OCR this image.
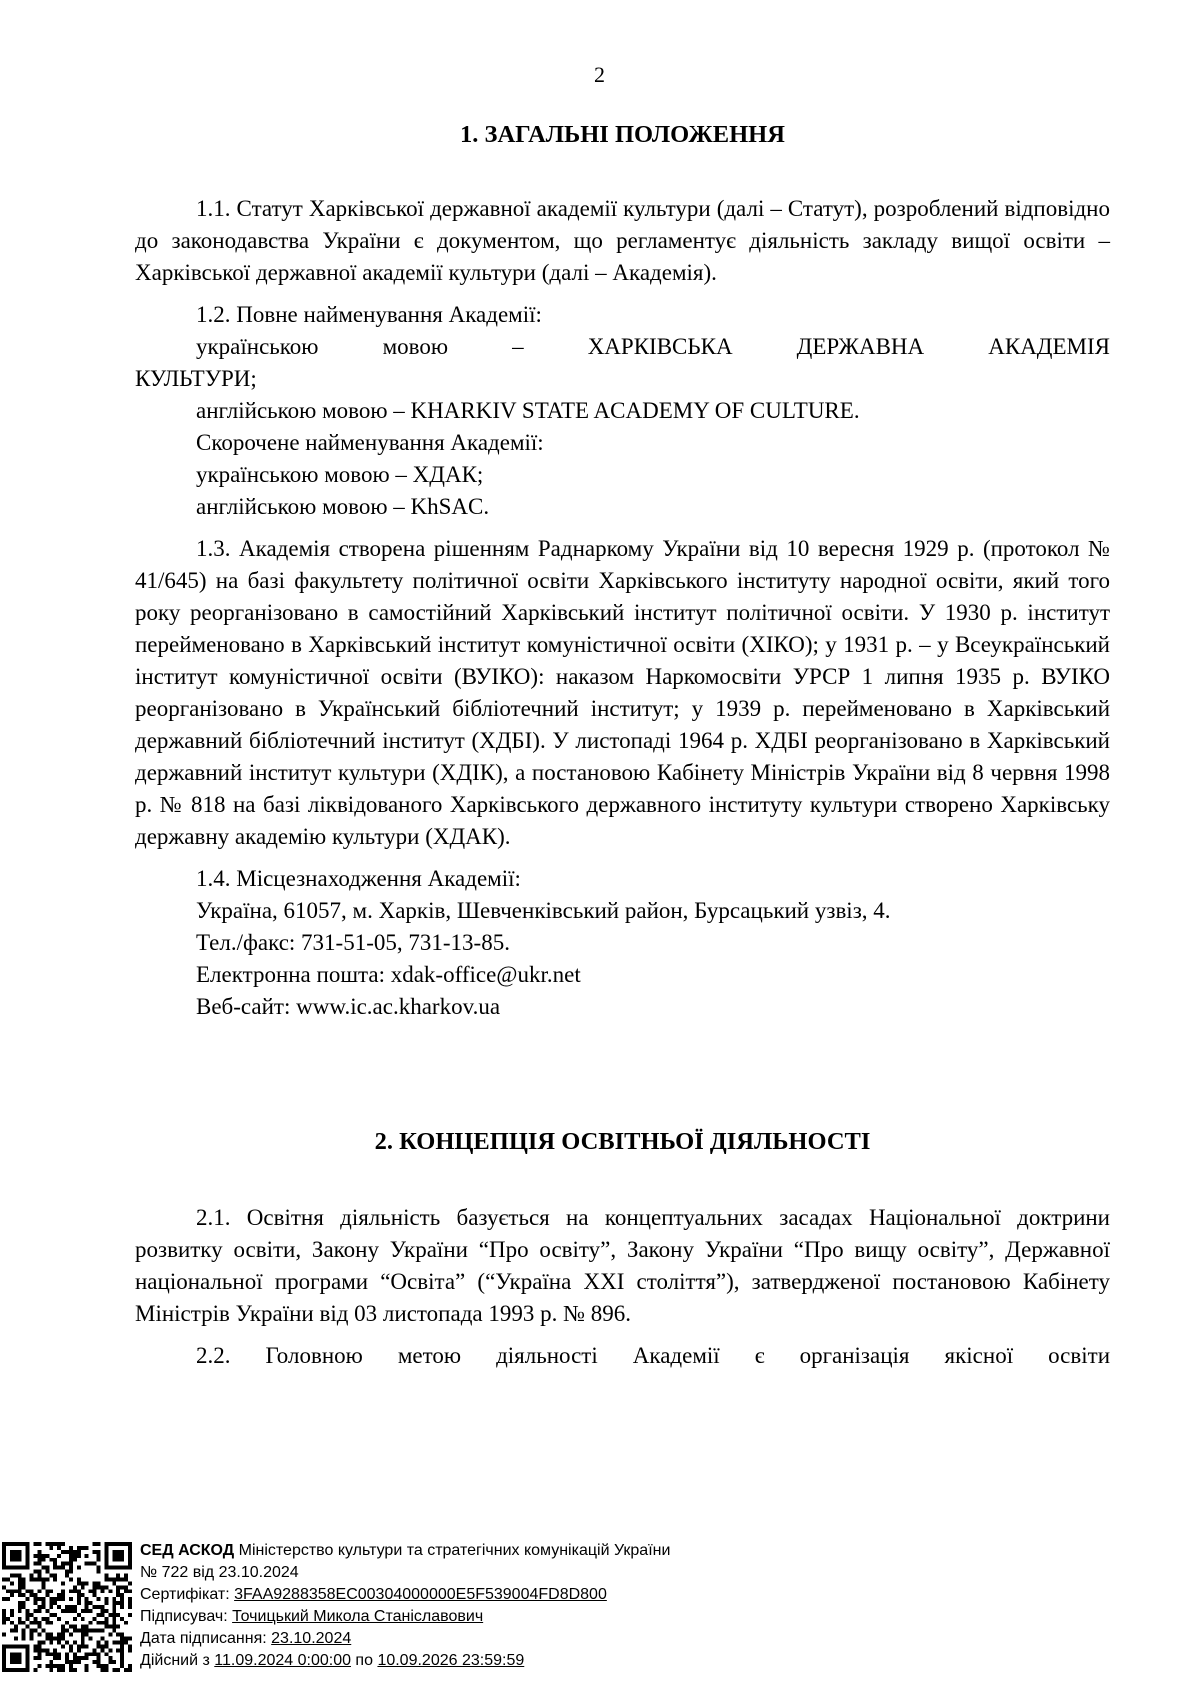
2
1. ЗАГАЛЬНІ ПОЛОЖЕННЯ
1.1. Статут Харківської державної академії культури (далі – Статут), розроблений відповідно до законодавства України є документом, що регламентує діяльність закладу вищої освіти – Харківської державної академії культури (далі – Академія).
1.2. Повне найменування Академії:
українською мовою – ХАРКІВСЬКА ДЕРЖАВНА АКАДЕМІЯ
КУЛЬТУРИ;
англійською мовою – KHARKIV STATE ACADEMY OF CULTURE.
Скорочене найменування Академії:
українською мовою – ХДАК;
англійською мовою – KhSAC.
1.3. Академія створена рішенням Раднаркому України від 10 вересня 1929 р. (протокол № 41/645) на базі факультету політичної освіти Харківського інституту народної освіти, який того року реорганізовано в самостійний Харківський інститут політичної освіти. У 1930 р. інститут перейменовано в Харківський інститут комуністичної освіти (ХІКО); у 1931 р. – у Всеукраїнський інститут комуністичної освіти (ВУІКО): наказом Наркомосвіти УРСР 1 липня 1935 р. ВУІКО реорганізовано в Український бібліотечний інститут; у 1939 р. перейменовано в Харківський державний бібліотечний інститут (ХДБІ). У листопаді 1964 р. ХДБІ реорганізовано в Харківський державний інститут культури (ХДІК), а постановою Кабінету Міністрів України від 8 червня 1998 р. № 818 на базі ліквідованого Харківського державного інституту культури створено Харківську державну академію культури (ХДАК).
1.4. Місцезнаходження Академії:
Україна, 61057, м. Харків, Шевченківський район, Бурсацький узвіз, 4.
Тел./факс: 731-51-05, 731-13-85.
Електронна пошта: xdak-office@ukr.net
Веб-сайт: www.ic.ac.kharkov.ua
2. КОНЦЕПЦІЯ ОСВІТНЬОЇ ДІЯЛЬНОСТІ
2.1. Освітня діяльність базується на концептуальних засадах Національної доктрини розвитку освіти, Закону України “Про освіту”, Закону України “Про вищу освіту”, Державної національної програми “Освіта” (“Україна ХХІ століття”), затвердженої постановою Кабінету Міністрів України від 03 листопада 1993 р. № 896.
2.2. Головною метою діяльності Академії є організація якісної освіти
СЕД АСКОД Міністерство культури та стратегічних комунікацій України
№ 722 від 23.10.2024
Сертифікат: 3FAA9288358EC00304000000E5F539004FD8D800
Підписувач: Точицький Микола Станіславович
Дата підписання: 23.10.2024
Дійсний з 11.09.2024 0:00:00 по 10.09.2026 23:59:59
